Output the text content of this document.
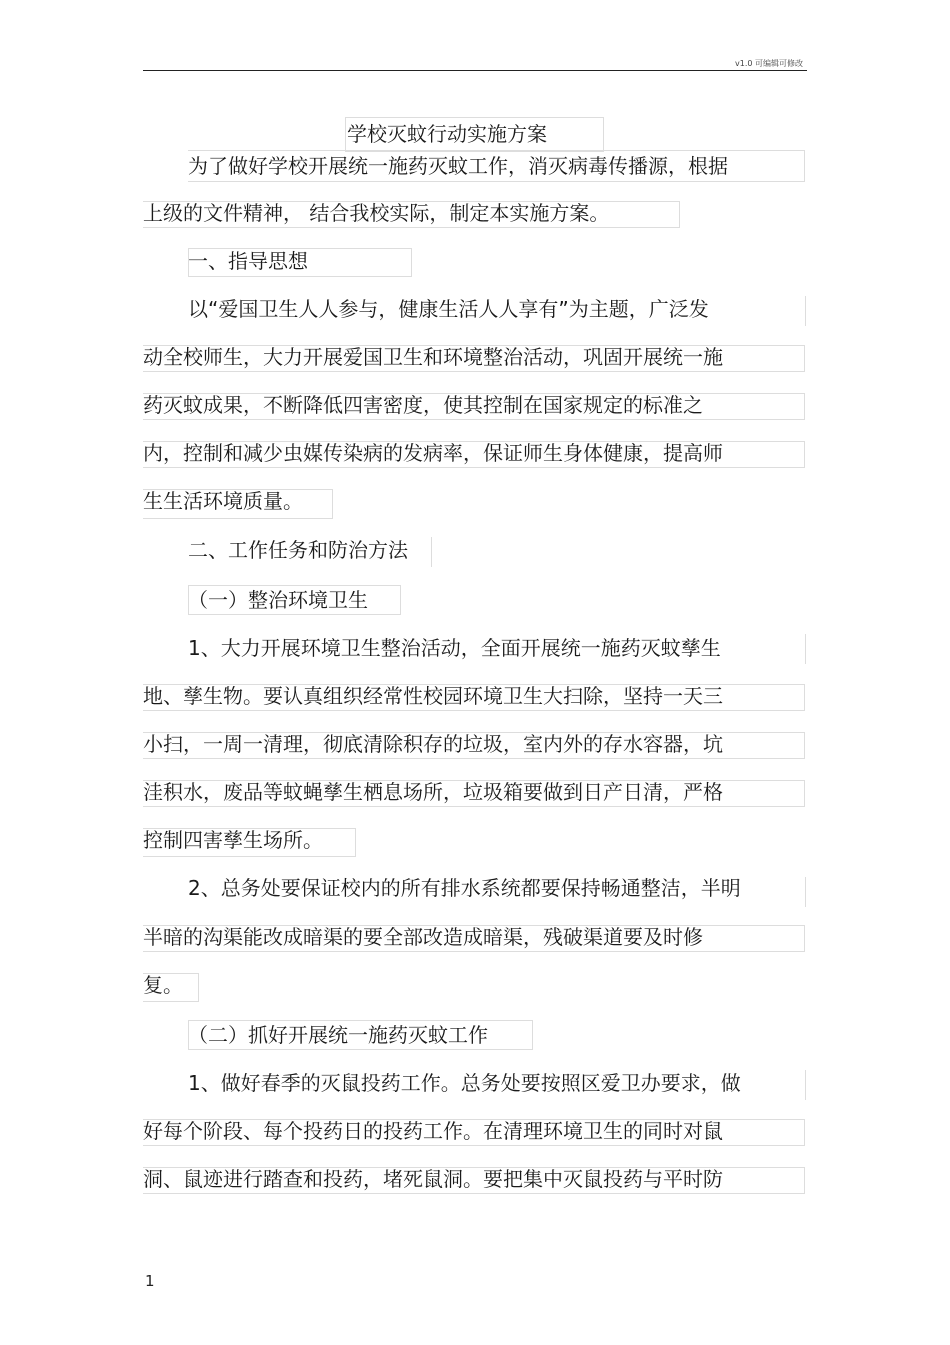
v1.0 可编辑可修改
学校灭蚊行动实施方案
为了做好学校开展统一施药灭蚊工作，消灭病毒传播源，根据
上级的文件精神， 结合我校实际，制定本实施方案。
一、指导思想
以“爱国卫生人人参与，健康生活人人享有”为主题，广泛发
动全校师生，大力开展爱国卫生和环境整治活动，巩固开展统一施
药灭蚊成果，不断降低四害密度，使其控制在国家规定的标准之
内，控制和减少虫媒传染病的发病率，保证师生身体健康，提高师
生生活环境质量。
二、工作任务和防治方法
（一）整治环境卫生
1、大力开展环境卫生整治活动，全面开展统一施药灭蚊孳生
地、孳生物。要认真组织经常性校园环境卫生大扫除，坚持一天三
小扫，一周一清理，彻底清除积存的垃圾，室内外的存水容器，坑
洼积水，废品等蚊蝇孳生栖息场所，垃圾箱要做到日产日清，严格
控制四害孳生场所。
2、总务处要保证校内的所有排水系统都要保持畅通整洁，半明
半暗的沟渠能改成暗渠的要全部改造成暗渠，残破渠道要及时修
复。
（二）抓好开展统一施药灭蚊工作
1、做好春季的灭鼠投药工作。总务处要按照区爱卫办要求，做
好每个阶段、每个投药日的投药工作。在清理环境卫生的同时对鼠
洞、鼠迹进行踏查和投药，堵死鼠洞。要把集中灭鼠投药与平时防
1
